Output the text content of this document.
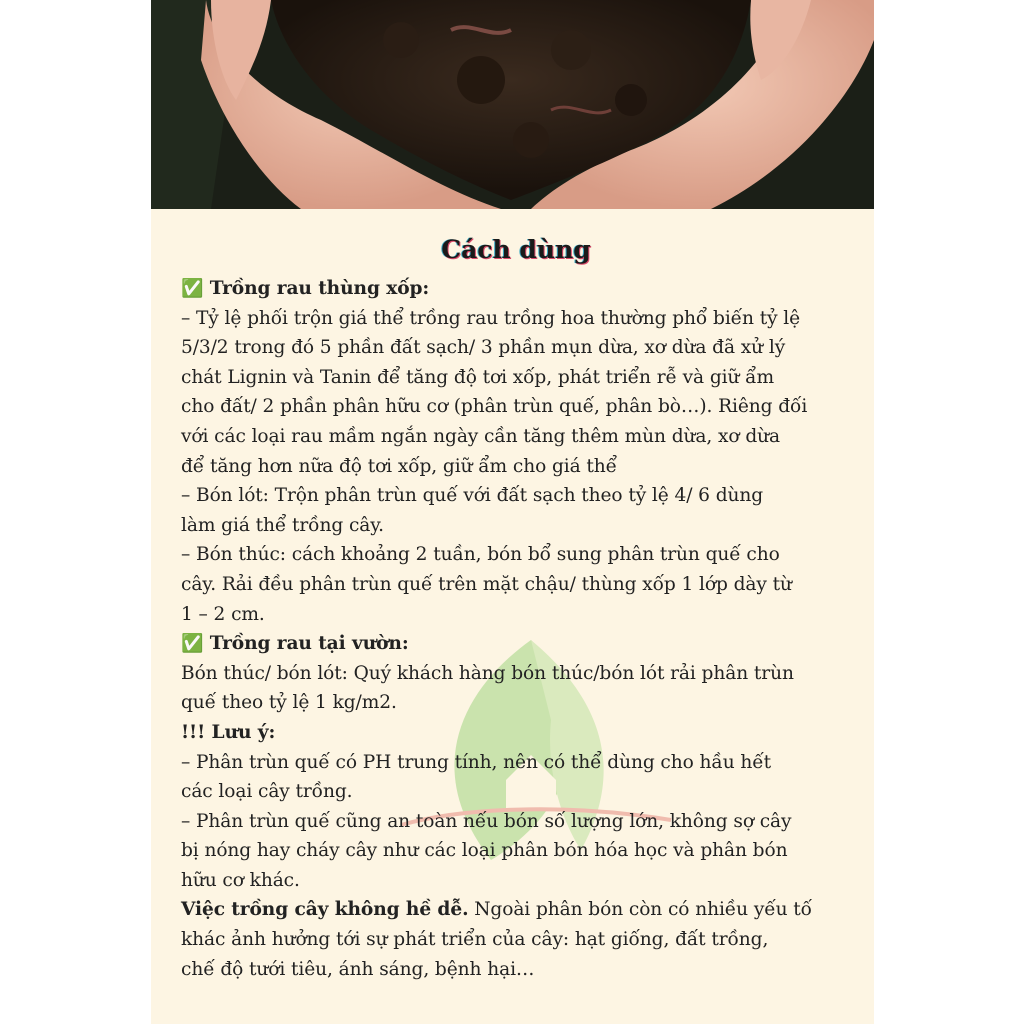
Cách dùng
✅ Trồng rau thùng xốp:
– Tỷ lệ phối trộn giá thể trồng rau trồng hoa thường phổ biến tỷ lệ
5/3/2 trong đó 5 phần đất sạch/ 3 phần mụn dừa, xơ dừa đã xử lý
chát Lignin và Tanin để tăng độ tơi xốp, phát triển rễ và giữ ẩm
cho đất/ 2 phần phân hữu cơ (phân trùn quế, phân bò…). Riêng đối
với các loại rau mầm ngắn ngày cần tăng thêm mùn dừa, xơ dừa
để tăng hơn nữa độ tơi xốp, giữ ẩm cho giá thể
– Bón lót: Trộn phân trùn quế với đất sạch theo tỷ lệ 4/ 6 dùng
làm giá thể trồng cây.
– Bón thúc: cách khoảng 2 tuần, bón bổ sung phân trùn quế cho
cây. Rải đều phân trùn quế trên mặt chậu/ thùng xốp 1 lớp dày từ
1 – 2 cm.
✅ Trồng rau tại vườn:
Bón thúc/ bón lót: Quý khách hàng bón thúc/bón lót rải phân trùn
quế theo tỷ lệ 1 kg/m2.
!!! Lưu ý:
– Phân trùn quế có PH trung tính, nên có thể dùng cho hầu hết
các loại cây trồng.
– Phân trùn quế cũng an toàn nếu bón số lượng lớn, không sợ cây
bị nóng hay cháy cây như các loại phân bón hóa học và phân bón
hữu cơ khác.
Việc trồng cây không hề dễ. Ngoài phân bón còn có nhiều yếu tố
khác ảnh hưởng tới sự phát triển của cây: hạt giống, đất trồng,
chế độ tưới tiêu, ánh sáng, bệnh hại…
